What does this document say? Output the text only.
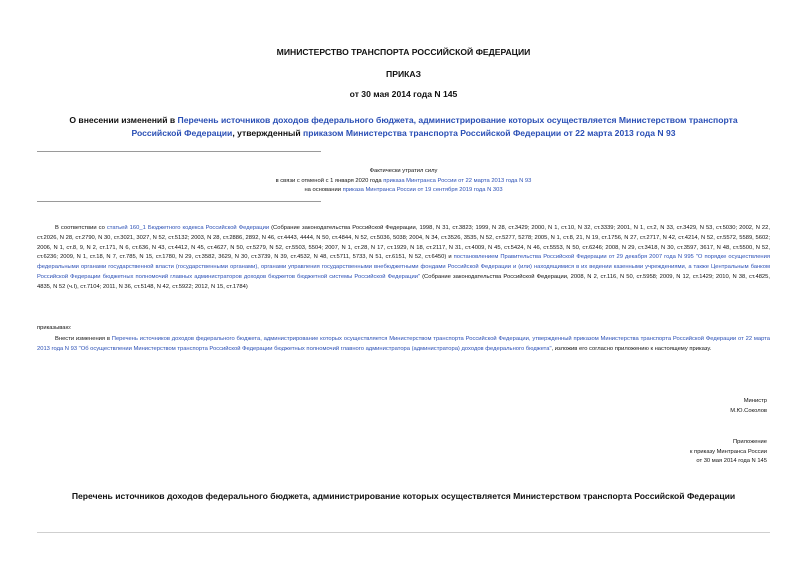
МИНИСТЕРСТВО ТРАНСПОРТА РОССИЙСКОЙ ФЕДЕРАЦИИ
ПРИКАЗ
от 30 мая 2014 года N 145
О внесении изменений в Перечень источников доходов федерального бюджета, администрирование которых осуществляется Министерством транспорта Российской Федерации, утвержденный приказом Министерства транспорта Российской Федерации от 22 марта 2013 года N 93
Фактически утратил силу
в связи с отменой с 1 января 2020 года приказа Минтранса России от 22 марта 2013 года N 93
на основании приказа Минтранса России от 19 сентября 2019 года N 303
В соответствии со статьей 160_1 Бюджетного кодекса Российской Федерации (Собрание законодательства Российской Федерации, 1998, N 31, ст.3823; 1999, N 28, ст.3429; 2000, N 1, ст.10, N 32, ст.3339; 2001, N 1, ст.2, N 33, ст.3429, N 53, ст.5030; 2002, N 22, ст.2026, N 28, ст.2790, N 30, ст.3021, 3027, N 52, ст.5132; 2003, N 28, ст.2886, 2892, N 46, ст.4443, 4444, N 50, ст.4844, N 52, ст.5036, 5038; 2004, N 34, ст.3526, 3535, N 52, ст.5277, 5278; 2005, N 1, ст.8, 21, N 19, ст.1756, N 27, ст.2717, N 42, ст.4214, N 52, ст.5572, 5589, 5602; 2006, N 1, ст.8, 9, N 2, ст.171, N 6, ст.636, N 43, ст.4412, N 45, ст.4627, N 50, ст.5279, N 52, ст.5503, 5504; 2007, N 1, ст.28, N 17, ст.1929, N 18, ст.2117, N 31, ст.4009, N 45, ст.5424, N 46, ст.5553, N 50, ст.6246; 2008, N 29, ст.3418, N 30, ст.3597, 3617, N 48, ст.5500, N 52, ст.6236; 2009, N 1, ст.18, N 7, ст.785, N 15, ст.1780, N 29, ст.3582, 3629, N 30, ст.3739, N 39, ст.4532, N 48, ст.5711, 5733, N 51, ст.6151, N 52, ст.6450) и постановлением Правительства Российской Федерации от 29 декабря 2007 года N 995 "О порядке осуществления федеральными органами государственной власти (государственными органами), органами управления государственными внебюджетными фондами Российской Федерации и (или) находящимися в их ведении казенными учреждениями, а также Центральным банком Российской Федерации бюджетных полномочий главных администраторов доходов бюджетов бюджетной системы Российской Федерации" (Собрание законодательства Российской Федерации, 2008, N 2, ст.116, N 50, ст.5958; 2009, N 12, ст.1429; 2010, N 38, ст.4825, 4835, N 52 (ч.I), ст.7104; 2011, N 36, ст.5148, N 42, ст.5922; 2012, N 15, ст.1784)
приказываю:
Внести изменения в Перечень источников доходов федерального бюджета, администрирование которых осуществляется Министерством транспорта Российской Федерации, утвержденный приказом Министерства транспорта Российской Федерации от 22 марта 2013 года N 93 "Об осуществлении Министерством транспорта Российской Федерации бюджетных полномочий главного администратора (администратора) доходов федерального бюджета", изложив его согласно приложению к настоящему приказу.
Министр
М.Ю.Соколов
Приложение
к приказу Минтранса России
от 30 мая 2014 года N 145
Перечень источников доходов федерального бюджета, администрирование которых осуществляется Министерством транспорта Российской Федерации
